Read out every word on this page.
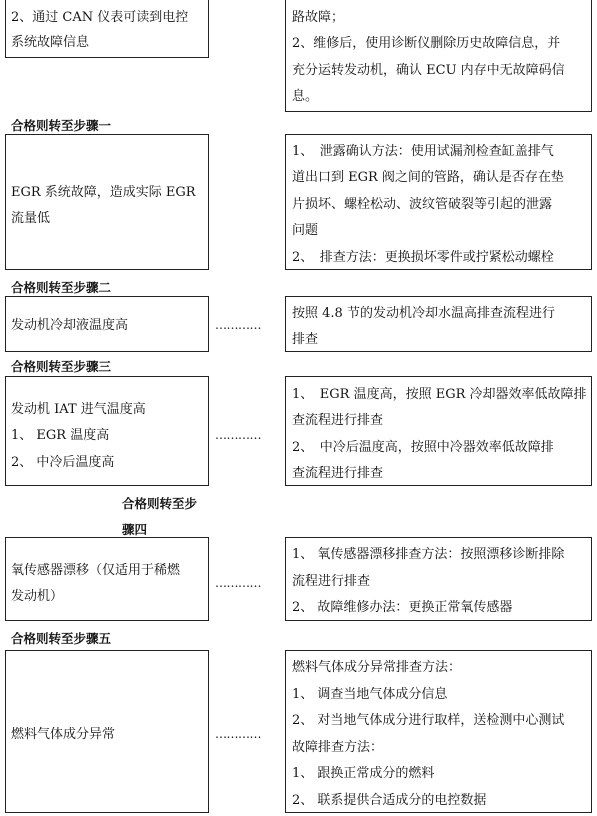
2、通过 CAN 仪表可读到电控
系统故障信息
路故障；
2、维修后，使用诊断仪删除历史故障信息，并
充分运转发动机，确认 ECU 内存中无故障码信
息。
合格则转至步骤一
EGR 系统故障，造成实际 EGR
流量低
1、　泄露确认方法：使用试漏剂检查缸盖排气
道出口到 EGR 阀之间的管路，确认是否存在垫
片损坏、螺栓松动、波纹管破裂等引起的泄露
问题
2、　排查方法：更换损坏零件或拧紧松动螺栓
合格则转至步骤二
发动机冷却液温度高	…………
按照 4.8 节的发动机冷却水温高排查流程进行
排查
合格则转至步骤三
发动机 IAT 进气温度高
1、 EGR 温度高
2、 中冷后温度高
…………
1、　EGR 温度高，按照 EGR 冷却器效率低故障排
查流程进行排查
2、　中冷后温度高，按照中冷器效率低故障排
查流程进行排查
合格则转至步
骤四
氧传感器漂移（仅适用于稀燃
发动机）
…………
1、 氧传感器漂移排查方法：按照漂移诊断排除
流程进行排查
2、 故障维修办法：更换正常氧传感器
合格则转至步骤五
燃料气体成分异常	…………
燃料气体成分异常排查方法：
1、 调查当地气体成分信息
2、 对当地气体成分进行取样，送检测中心测试
故障排查方法：
1、 跟换正常成分的燃料
2、 联系提供合适成分的电控数据
